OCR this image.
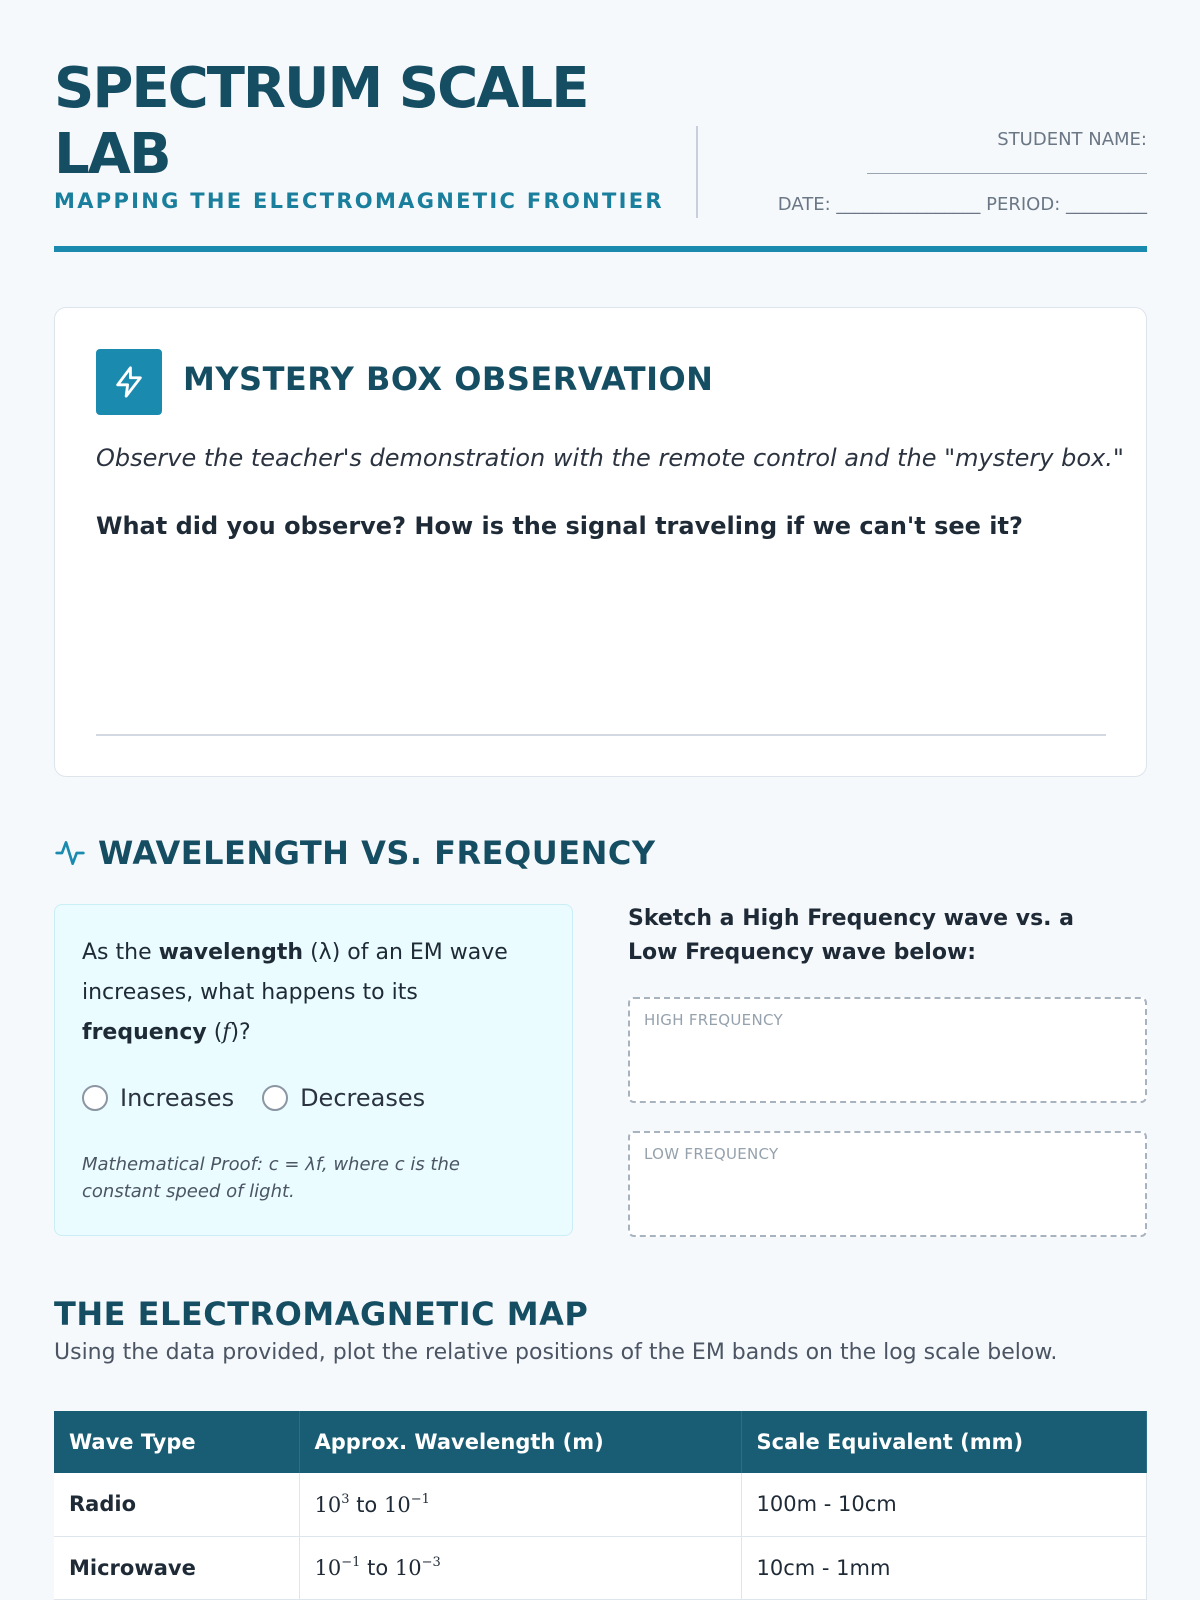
SPECTRUM SCALE LAB
MAPPING THE ELECTROMAGNETIC FRONTIER
STUDENT NAME:
DATE: ________________ PERIOD: _________
MYSTERY BOX OBSERVATION
Observe the teacher's demonstration with the remote control and the "mystery box."
What did you observe? How is the signal traveling if we can't see it?
WAVELENGTH VS. FREQUENCY
As the wavelength (λ) of an EM wave increases, what happens to its frequency (f)?
Increases	Decreases
Mathematical Proof: c = λf, where c is the constant speed of light.
Sketch a High Frequency wave vs. a Low Frequency wave below:
HIGH FREQUENCY
LOW FREQUENCY
THE ELECTROMAGNETIC MAP
Using the data provided, plot the relative positions of the EM bands on the log scale below.
Wave Type	Approx. Wavelength (m)	Scale Equivalent (mm)
Radio	$10^3$ to $10^{-1}$	100m - 10cm
Microwave	$10^{-1}$ to $10^{-3}$	10cm - 1mm
